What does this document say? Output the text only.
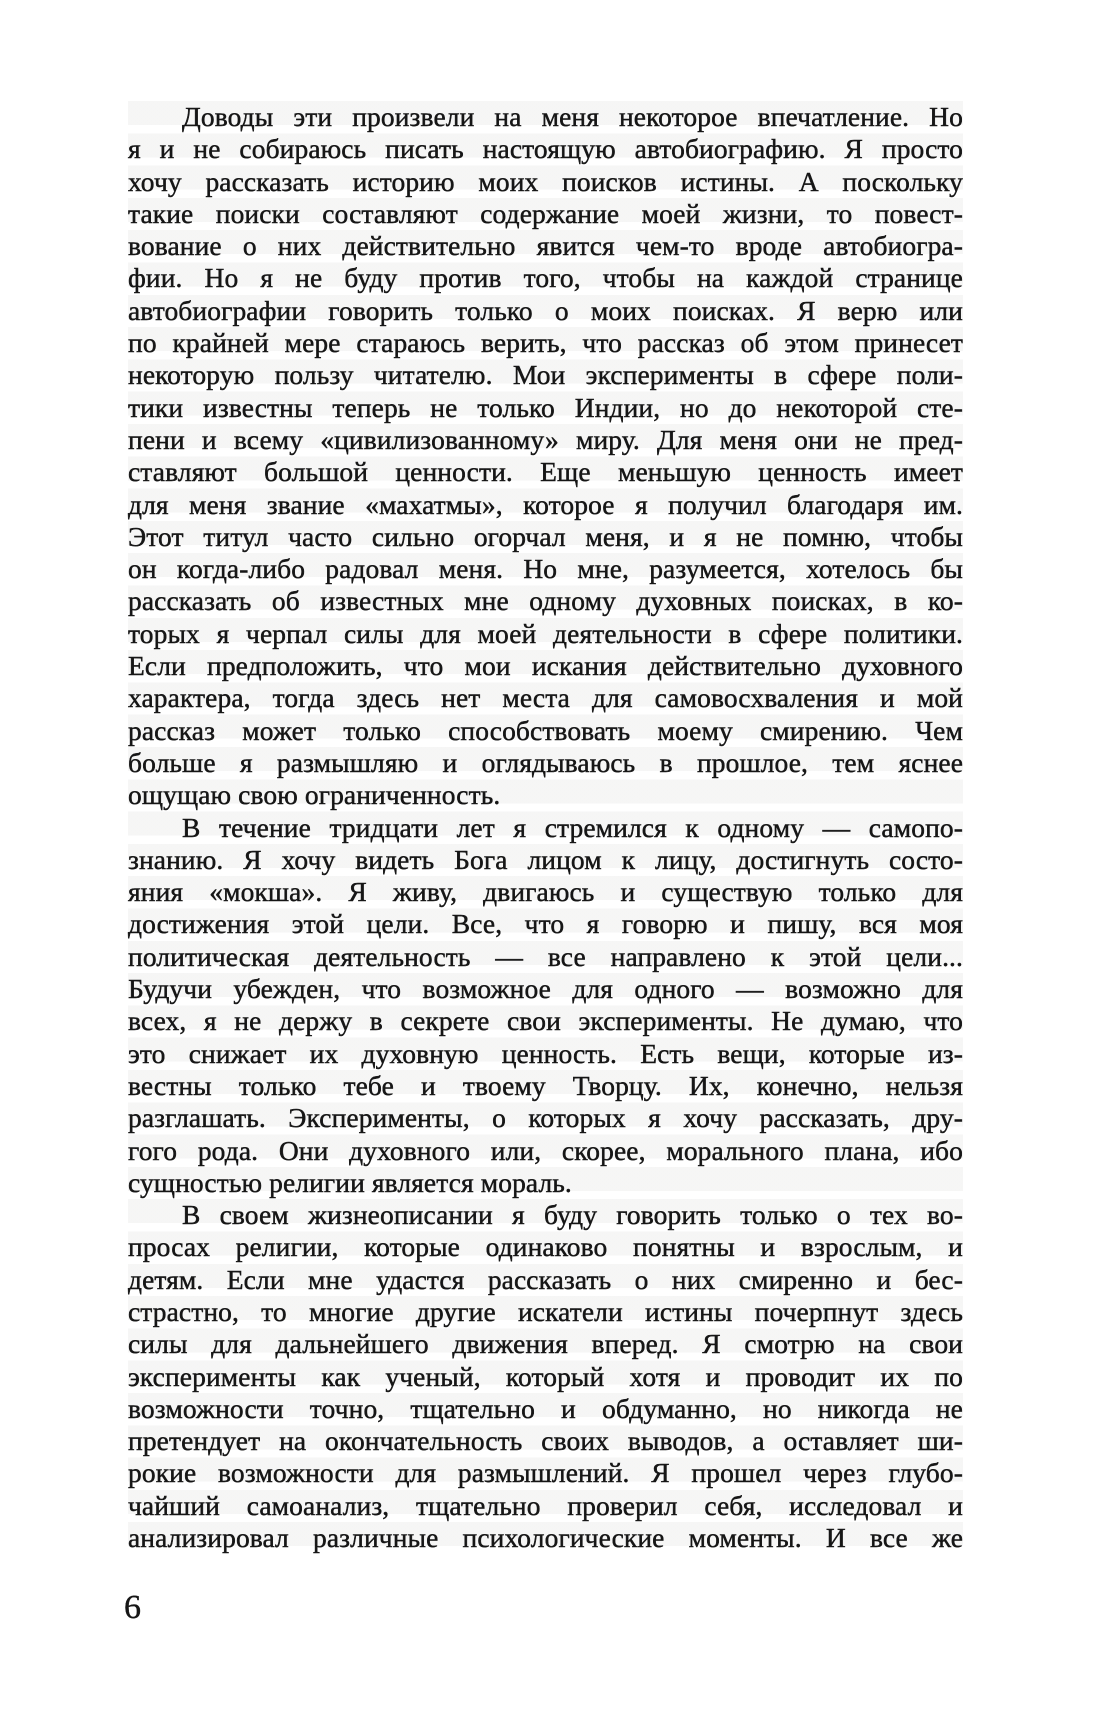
Доводы эти произвели на меня некоторое впечатление. Но
я и не собираюсь писать настоящую автобиографию. Я просто
хочу рассказать историю моих поисков истины. А поскольку
такие поиски составляют содержание моей жизни, то повест-
вование о них действительно явится чем-то вроде автобиогра-
фии. Но я не буду против того, чтобы на каждой странице
автобиографии говорить только о моих поисках. Я верю или
по крайней мере стараюсь верить, что рассказ об этом принесет
некоторую пользу читателю. Мои эксперименты в сфере поли-
тики известны теперь не только Индии, но до некоторой сте-
пени и всему «цивилизованному» миру. Для меня они не пред-
ставляют большой ценности. Еще меньшую ценность имеет
для меня звание «махатмы», которое я получил благодаря им.
Этот титул часто сильно огорчал меня, и я не помню, чтобы
он когда-либо радовал меня. Но мне, разумеется, хотелось бы
рассказать об известных мне одному духовных поисках, в ко-
торых я черпал силы для моей деятельности в сфере политики.
Если предположить, что мои искания действительно духовного
характера, тогда здесь нет места для самовосхваления и мой
рассказ может только способствовать моему смирению. Чем
больше я размышляю и оглядываюсь в прошлое, тем яснее
ощущаю свою ограниченность.
В течение тридцати лет я стремился к одному — самопо-
знанию. Я хочу видеть Бога лицом к лицу, достигнуть состо-
яния «мокша». Я живу, двигаюсь и существую только для
достижения этой цели. Все, что я говорю и пишу, вся моя
политическая деятельность — все направлено к этой цели...
Будучи убежден, что возможное для одного — возможно для
всех, я не держу в секрете свои эксперименты. Не думаю, что
это снижает их духовную ценность. Есть вещи, которые из-
вестны только тебе и твоему Творцу. Их, конечно, нельзя
разглашать. Эксперименты, о которых я хочу рассказать, дру-
гого рода. Они духовного или, скорее, морального плана, ибо
сущностью религии является мораль.
В своем жизнеописании я буду говорить только о тех во-
просах религии, которые одинаково понятны и взрослым, и
детям. Если мне удастся рассказать о них смиренно и бес-
страстно, то многие другие искатели истины почерпнут здесь
силы для дальнейшего движения вперед. Я смотрю на свои
эксперименты как ученый, который хотя и проводит их по
возможности точно, тщательно и обдуманно, но никогда не
претендует на окончательность своих выводов, а оставляет ши-
рокие возможности для размышлений. Я прошел через глубо-
чайший самоанализ, тщательно проверил себя, исследовал и
анализировал различные психологические моменты. И все же
6
